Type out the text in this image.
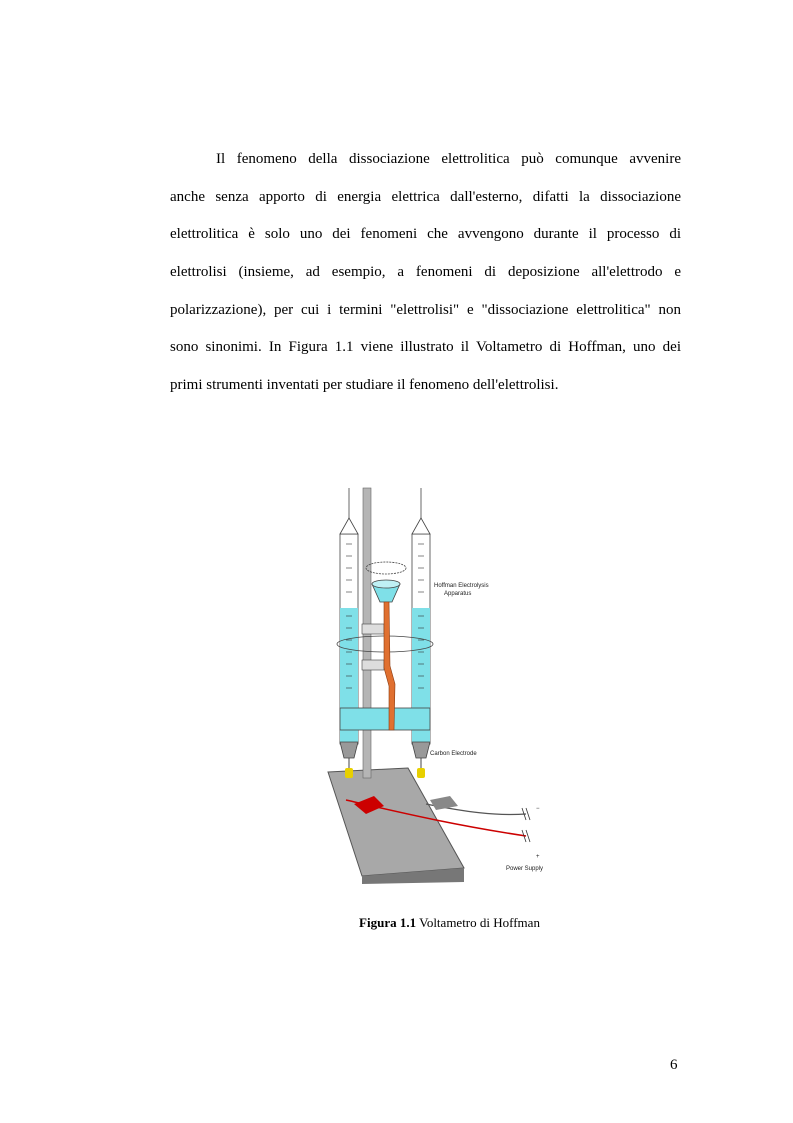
Il fenomeno della dissociazione elettrolitica può comunque avvenire
anche senza apporto di energia elettrica dall'esterno, difatti la dissociazione
elettrolitica è solo uno dei fenomeni che avvengono durante il processo di
elettrolisi (insieme, ad esempio, a fenomeni di deposizione all'elettrodo e
polarizzazione), per cui i termini "elettrolisi" e "dissociazione elettrolitica" non
sono sinonimi. In Figura 1.1 viene illustrato il Voltametro di Hoffman, uno dei
primi strumenti inventati per studiare il fenomeno dell'elettrolisi.
Hoffman Electrolysis
Apparatus
Carbon Electrode
Power Supply
−
+
Figura 1.1 Voltametro di Hoffman
6
